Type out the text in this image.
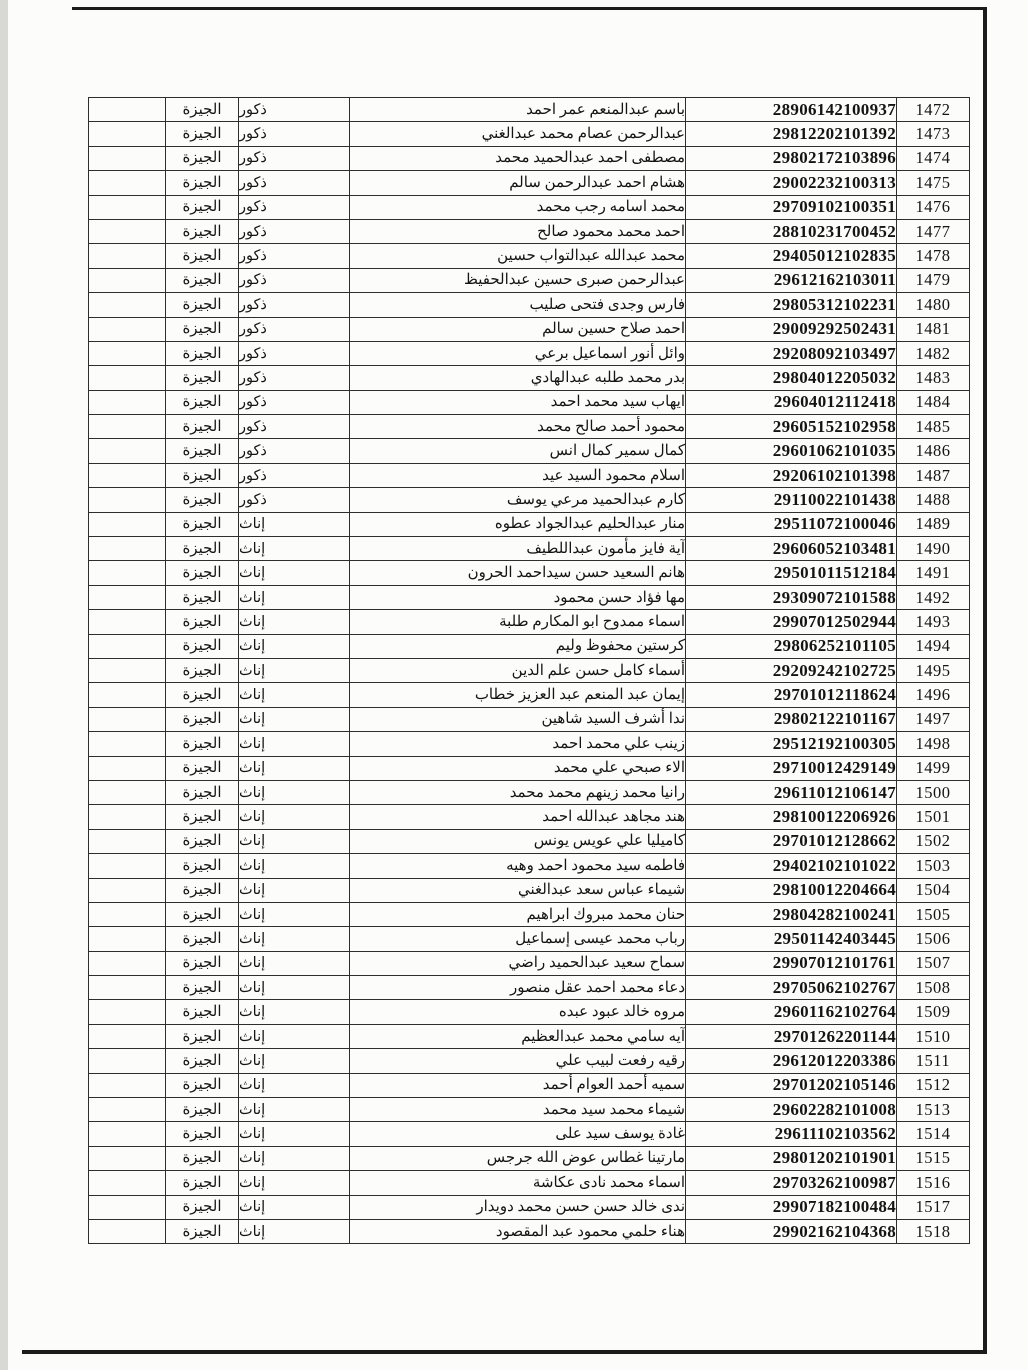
1472	28906142100937	باسم عبدالمنعم عمر احمد	ذكور	الجيزة	
1473	29812202101392	عبدالرحمن عصام محمد عبدالغني	ذكور	الجيزة	
1474	29802172103896	مصطفى احمد عبدالحميد محمد	ذكور	الجيزة	
1475	29002232100313	هشام احمد عبدالرحمن سالم	ذكور	الجيزة	
1476	29709102100351	محمد اسامه رجب محمد	ذكور	الجيزة	
1477	28810231700452	احمد محمد محمود صالح	ذكور	الجيزة	
1478	29405012102835	محمد عبدالله عبدالتواب حسين	ذكور	الجيزة	
1479	29612162103011	عبدالرحمن صبرى حسين عبدالحفيظ	ذكور	الجيزة	
1480	29805312102231	فارس وجدى فتحى صليب	ذكور	الجيزة	
1481	29009292502431	احمد صلاح حسين سالم	ذكور	الجيزة	
1482	29208092103497	وائل أنور اسماعيل برعي	ذكور	الجيزة	
1483	29804012205032	بدر محمد طلبه عبدالهادي	ذكور	الجيزة	
1484	29604012112418	ايهاب سيد محمد احمد	ذكور	الجيزة	
1485	29605152102958	محمود أحمد صالح محمد	ذكور	الجيزة	
1486	29601062101035	كمال سمير كمال انس	ذكور	الجيزة	
1487	29206102101398	اسلام محمود السيد عيد	ذكور	الجيزة	
1488	29110022101438	كارم عبدالحميد مرعي يوسف	ذكور	الجيزة	
1489	29511072100046	منار عبدالحليم عبدالجواد عطوه	إناث	الجيزة	
1490	29606052103481	آية فايز مأمون عبداللطيف	إناث	الجيزة	
1491	29501011512184	هانم السعيد حسن سيداحمد الحرون	إناث	الجيزة	
1492	29309072101588	مها فؤاد حسن محمود	إناث	الجيزة	
1493	29907012502944	اسماء ممدوح ابو المكارم طلبة	إناث	الجيزة	
1494	29806252101105	كرستين محفوظ وليم	إناث	الجيزة	
1495	29209242102725	أسماء كامل حسن علم الدين	إناث	الجيزة	
1496	29701012118624	إيمان عبد المنعم عبد العزيز خطاب	إناث	الجيزة	
1497	29802122101167	ندا أشرف السيد شاهين	إناث	الجيزة	
1498	29512192100305	زينب علي محمد احمد	إناث	الجيزة	
1499	29710012429149	الاء صبحي علي محمد	إناث	الجيزة	
1500	29611012106147	رانيا محمد زينهم محمد محمد	إناث	الجيزة	
1501	29810012206926	هند مجاهد عبدالله احمد	إناث	الجيزة	
1502	29701012128662	كاميليا علي عويس يونس	إناث	الجيزة	
1503	29402102101022	فاطمه سيد محمود احمد وهيه	إناث	الجيزة	
1504	29810012204664	شيماء عباس سعد عبدالغني	إناث	الجيزة	
1505	29804282100241	حنان محمد مبروك ابراهيم	إناث	الجيزة	
1506	29501142403445	رباب محمد عيسى إسماعيل	إناث	الجيزة	
1507	29907012101761	سماح سعيد عبدالحميد راضي	إناث	الجيزة	
1508	29705062102767	دعاء محمد احمد عقل منصور	إناث	الجيزة	
1509	29601162102764	مروه خالد عبود عبده	إناث	الجيزة	
1510	29701262201144	آيه سامي محمد عبدالعظيم	إناث	الجيزة	
1511	29612012203386	رقيه رفعت لبيب علي	إناث	الجيزة	
1512	29701202105146	سميه أحمد العوام أحمد	إناث	الجيزة	
1513	29602282101008	شيماء محمد سيد محمد	إناث	الجيزة	
1514	29611102103562	غادة يوسف سيد على	إناث	الجيزة	
1515	29801202101901	مارتينا غطاس عوض الله جرجس	إناث	الجيزة	
1516	29703262100987	اسماء محمد نادى عكاشة	إناث	الجيزة	
1517	29907182100484	ندى خالد حسن حسن محمد دويدار	إناث	الجيزة	
1518	29902162104368	هناء حلمي محمود عبد المقصود	إناث	الجيزة	
